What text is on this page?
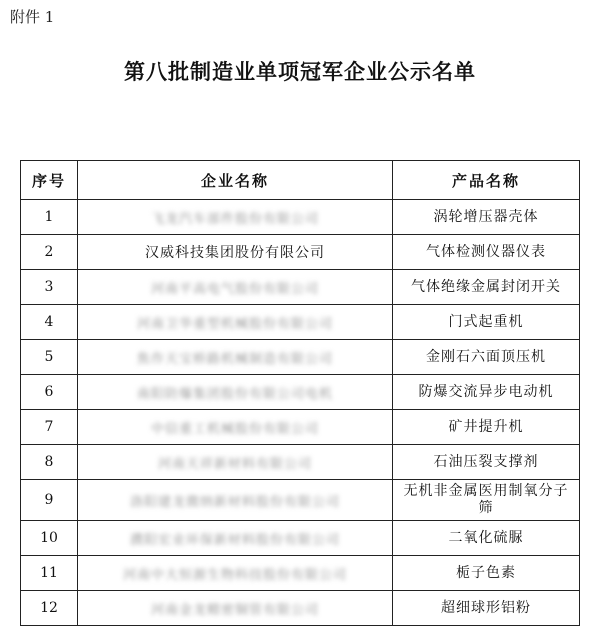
附件 1
第八批制造业单项冠军企业公示名单
序号	企业名称	产品名称
1	飞龙汽车部件股份有限公司	涡轮增压器壳体
2	汉威科技集团股份有限公司	气体检测仪器仪表
3	河南平高电气股份有限公司	气体绝缘金属封闭开关
4	河南卫华重型机械股份有限公司	门式起重机
5	焦作天宝桥路机械制造有限公司	金刚石六面顶压机
6	南阳防爆集团股份有限公司电机	防爆交流异步电动机
7	中信重工机械股份有限公司	矿井提升机
8	河南天祥新材料有限公司	石油压裂支撑剂
9	洛阳建龙微纳新材料股份有限公司	无机非金属医用制氧分子筛
10	濮阳宏业环保新材料股份有限公司	二氧化硫脲
11	河南中大恒源生物科技股份有限公司	栀子色素
12	河南金龙精密铜管有限公司	超细球形铝粉
